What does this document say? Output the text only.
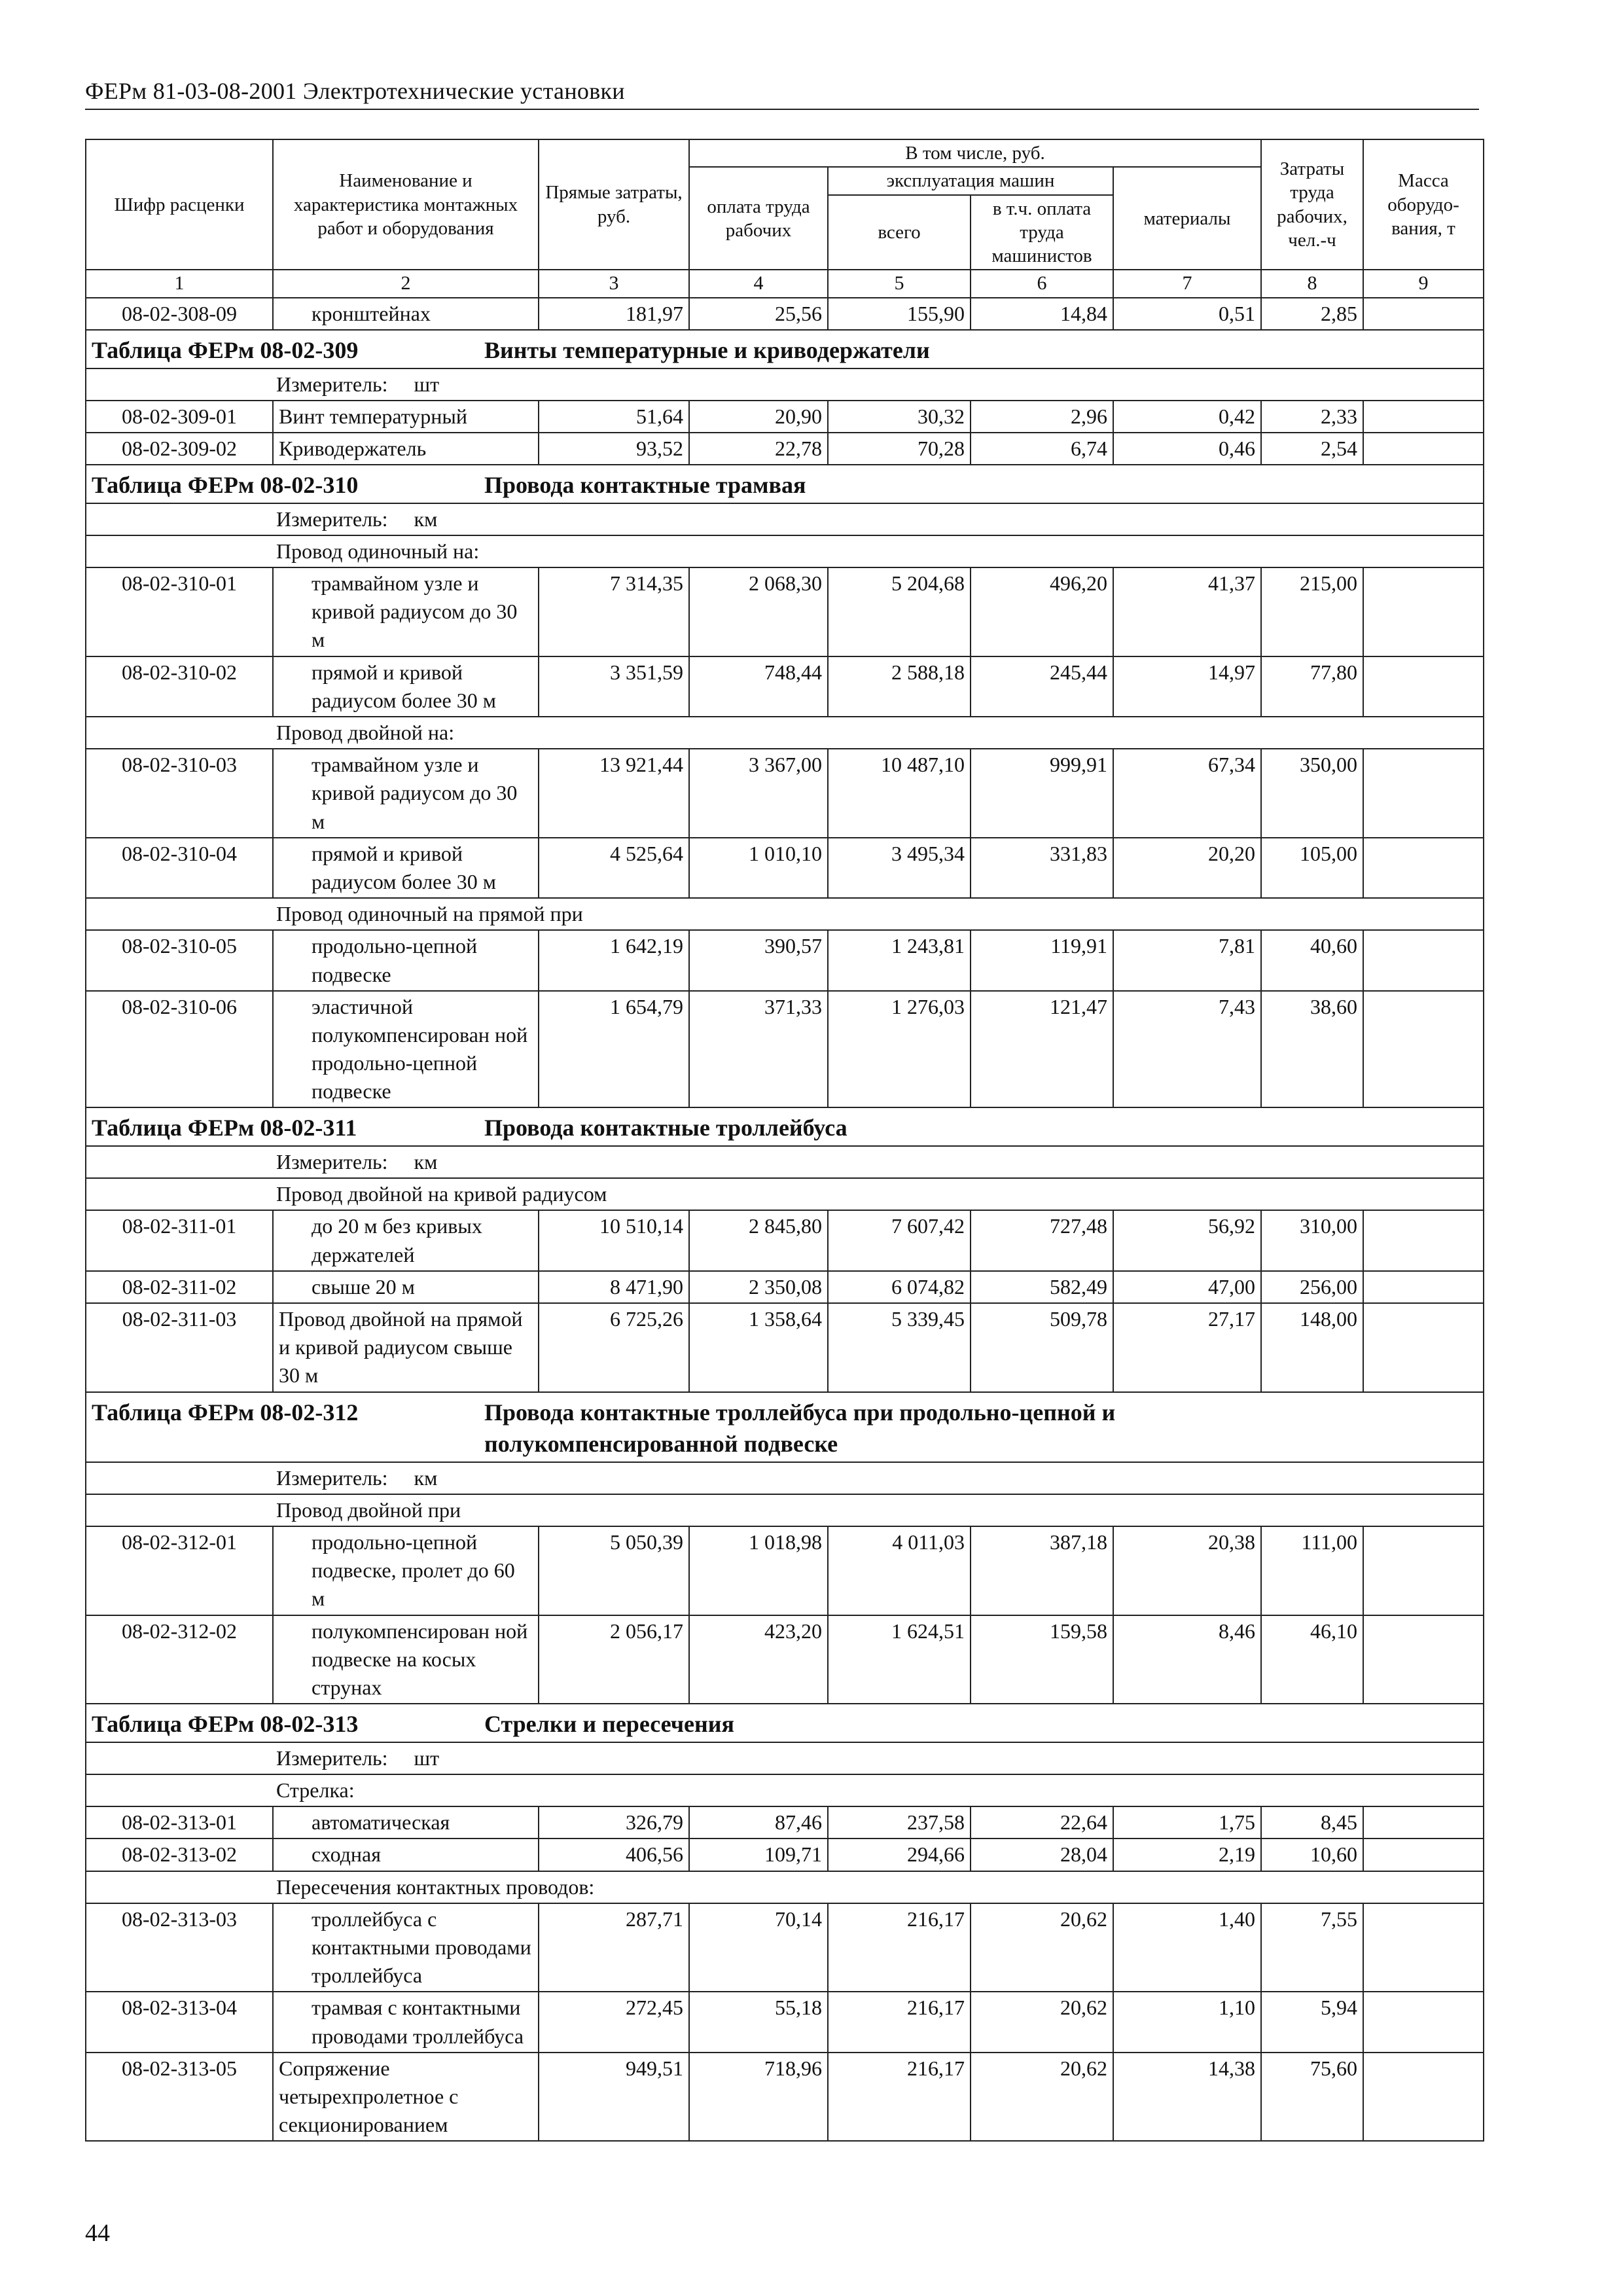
ФЕРм 81-03-08-2001 Электротехнические установки
Шифр расценки	Наименование и характеристика монтажных работ и оборудования	Прямые затраты, руб.	В том числе, руб.				Затраты труда рабочих, чел.-ч	Масса оборудо-вания, т
			оплата труда рабочих	эксплуатация машин		материалы		
				всего	в т.ч. оплата труда машинистов			
1	2	3	4	5	6	7	8	9
08-02-308-09	кронштейнах	181,97	25,56	155,90	14,84	0,51	2,85	
Таблица ФЕРм 08-02-309 Винты температурные и криводержатели								
Измеритель: шт								
08-02-309-01	Винт температурный	51,64	20,90	30,32	2,96	0,42	2,33	
08-02-309-02	Криводержатель	93,52	22,78	70,28	6,74	0,46	2,54	
Таблица ФЕРм 08-02-310 Провода контактные трамвая								
Измеритель: км								
Провод одиночный на:								
08-02-310-01	трамвайном узле и кривой радиусом до 30 м	7 314,35	2 068,30	5 204,68	496,20	41,37	215,00	
08-02-310-02	прямой и кривой радиусом более 30 м	3 351,59	748,44	2 588,18	245,44	14,97	77,80	
Провод двойной на:								
08-02-310-03	трамвайном узле и кривой радиусом до 30 м	13 921,44	3 367,00	10 487,10	999,91	67,34	350,00	
08-02-310-04	прямой и кривой радиусом более 30 м	4 525,64	1 010,10	3 495,34	331,83	20,20	105,00	
Провод одиночный на прямой при								
08-02-310-05	продольно-цепной подвеске	1 642,19	390,57	1 243,81	119,91	7,81	40,60	
08-02-310-06	эластичной полукомпенсирован ной продольно-цепной подвеске	1 654,79	371,33	1 276,03	121,47	7,43	38,60	
Таблица ФЕРм 08-02-311 Провода контактные троллейбуса								
Измеритель: км								
Провод двойной на кривой радиусом								
08-02-311-01	до 20 м без кривых держателей	10 510,14	2 845,80	7 607,42	727,48	56,92	310,00	
08-02-311-02	свыше 20 м	8 471,90	2 350,08	6 074,82	582,49	47,00	256,00	
08-02-311-03	Провод двойной на прямой и кривой радиусом свыше 30 м	6 725,26	1 358,64	5 339,45	509,78	27,17	148,00	
Таблица ФЕРм 08-02-312 Провода контактные троллейбуса при продольно-цепной и полукомпенсированной подвеске								
Измеритель: км								
Провод двойной при								
08-02-312-01	продольно-цепной подвеске, пролет до 60 м	5 050,39	1 018,98	4 011,03	387,18	20,38	111,00	
08-02-312-02	полукомпенсирован ной подвеске на косых струнах	2 056,17	423,20	1 624,51	159,58	8,46	46,10	
Таблица ФЕРм 08-02-313 Стрелки и пересечения								
Измеритель: шт								
Стрелка:								
08-02-313-01	автоматическая	326,79	87,46	237,58	22,64	1,75	8,45	
08-02-313-02	сходная	406,56	109,71	294,66	28,04	2,19	10,60	
Пересечения контактных проводов:								
08-02-313-03	троллейбуса с контактными проводами троллейбуса	287,71	70,14	216,17	20,62	1,40	7,55	
08-02-313-04	трамвая с контактными проводами троллейбуса	272,45	55,18	216,17	20,62	1,10	5,94	
08-02-313-05	Сопряжение четырехпролетное с секционированием	949,51	718,96	216,17	20,62	14,38	75,60	
44
